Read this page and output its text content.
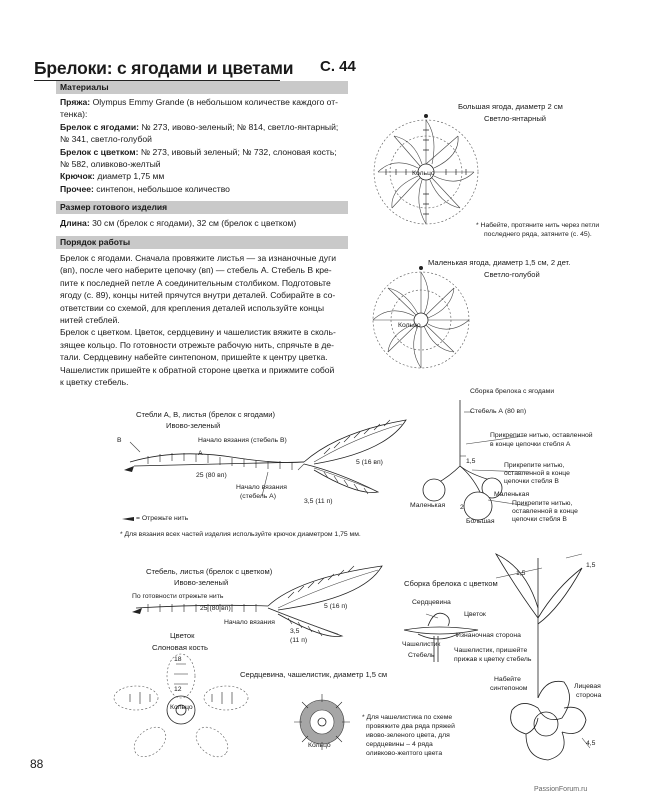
Брелоки: с ягодами и цветами С. 44
Материалы
Пряжа: Olympus Emmy Grande (в небольшом количестве каждого от-
тенка):
Брелок с ягодами: № 273, ивово-зеленый; № 814, светло-янтарный;
№ 341, светло-голубой
Брелок с цветком: № 273, ивовый зеленый; № 732, слоновая кость;
№ 582, оливково-желтый
Крючок: диаметр 1,75 мм
Прочее: синтепон, небольшое количество
Размер готового изделия
Длина: 30 см (брелок с ягодами), 32 см (брелок с цветком)
Порядок работы
Брелок с ягодами. Сначала провяжите листья — за изнаночные дуги
(вп), после чего наберите цепочку (вп) — стебель А. Стебель В кре-
пите к последней петле А соединительным столбиком. Подготовьте
ягоду (с. 89), концы нитей прячутся внутри деталей. Собирайте в со-
ответствии со схемой, для крепления деталей используйте концы
нитей стеблей.
Брелок с цветком. Цветок, сердцевину и чашелистик вяжите в сколь-
зящее кольцо. По готовности отрежьте рабочую нить, спрячьте в де-
тали. Сердцевину набейте синтепоном, пришейте к центру цветка.
Чашелистик пришейте к обратной стороне цветка и прижмите собой
к цветку стебель.
Большая ягода, диаметр 2 см
Светло-янтарный
Кольцо
* Набейте, протяните нить через петли
последнего ряда, затяните (с. 45).
Маленькая ягода, диаметр 1,5 см, 2 дет.
Светло-голубой
Кольцо
Стебли А, В, листья (брелок с ягодами)
Ивово-зеленый
B
A
Начало вязания (стебель В)
25 (80 вп)
5 (16 вп)
3,5 (11 п)
Начало вязания
(стебель А)
= Отрежьте нить
* Для вязания всех частей изделия используйте крючок диаметром 1,75 мм.
Сборка брелока с ягодами
Стебель А (80 вп)
Прикрепите нитью, оставленной
в конце цепочки стебля А
Прикрепите нитью,
оставленной в конце
цепочки стебля В
Прикрепите нитью,
оставленной в конце
цепочки стебля В
1,5
2
Маленькая
Маленькая
Большая
Стебель, листья (брелок с цветком)
Ивово-зеленый
По готовности отрежьте нить
25 (80 вп)	5 (16 п)
Начало вязания
3,5
(11 п)
Сборка брелока с цветком
Сердцевина
Цветок
Изнаночная сторона
Чашелистик
Стебель
Чашелистик, пришейте
прижав к цветку стебель
1,5
1,5
4,5
Набейте
синтепоном	Лицевая
сторона
Цветок
Слоновая кость
18
12
Кольцо
Сердцевина, чашелистик, диаметр 1,5 см
* Для чашелистика по схеме
провяжите два ряда пряжей
ивово-зеленого цвета, для
сердцевины – 4 ряда
оливково-желтого цвета
Кольцо
88
PassionForum.ru
